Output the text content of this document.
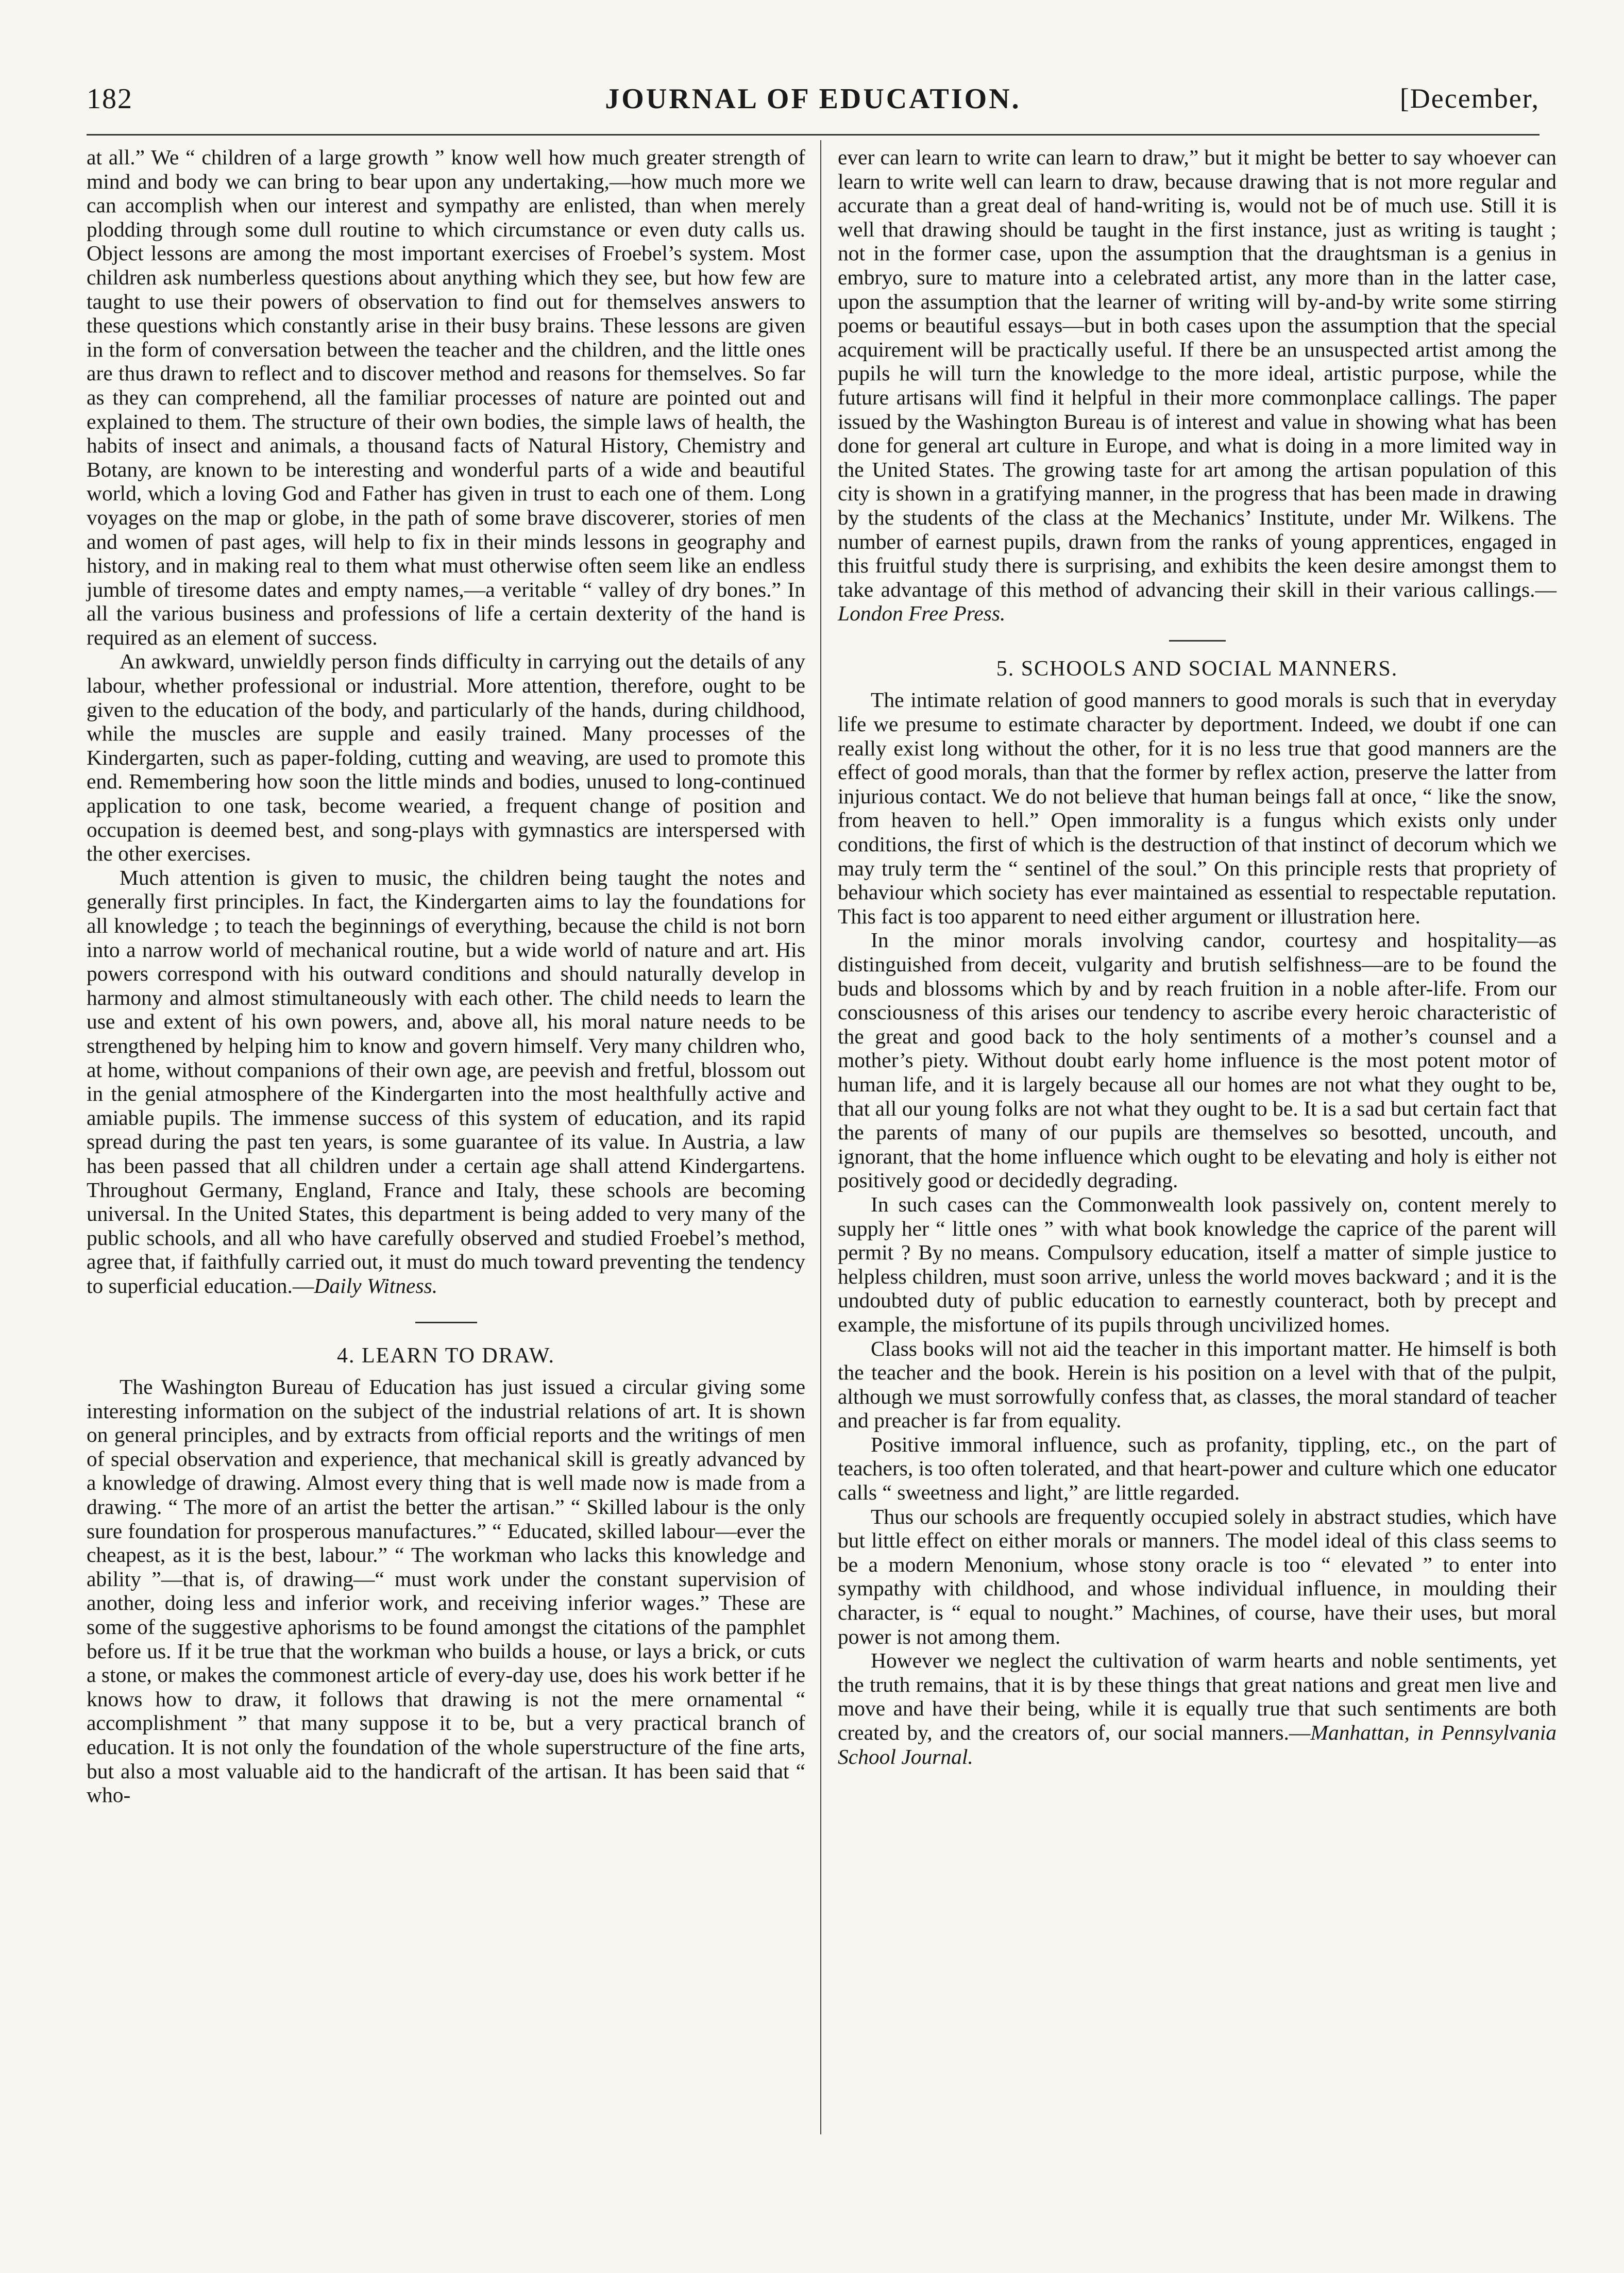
182	JOURNAL OF EDUCATION.	[December,

at all.” We “ children of a large growth ” know well how much greater strength of mind and body we can bring to bear upon any undertaking,—how much more we can accomplish when our interest and sympathy are enlisted, than when merely plodding through some dull routine to which circumstance or even duty calls us. Object lessons are among the most important exercises of Froebel’s system. Most children ask numberless questions about anything which they see, but how few are taught to use their powers of observation to find out for themselves answers to these questions which constantly arise in their busy brains. These lessons are given in the form of conversation between the teacher and the children, and the little ones are thus drawn to reflect and to discover method and reasons for themselves. So far as they can comprehend, all the familiar processes of nature are pointed out and explained to them. The structure of their own bodies, the simple laws of health, the habits of insect and animals, a thousand facts of Natural History, Chemistry and Botany, are known to be interesting and wonderful parts of a wide and beautiful world, which a loving God and Father has given in trust to each one of them. Long voyages on the map or globe, in the path of some brave discoverer, stories of men and women of past ages, will help to fix in their minds lessons in geography and history, and in making real to them what must otherwise often seem like an endless jumble of tiresome dates and empty names,—a veritable “ valley of dry bones.” In all the various business and professions of life a certain dexterity of the hand is required as an element of success.

An awkward, unwieldly person finds difficulty in carrying out the details of any labour, whether professional or industrial. More attention, therefore, ought to be given to the education of the body, and particularly of the hands, during childhood, while the muscles are supple and easily trained. Many processes of the Kindergarten, such as paper-folding, cutting and weaving, are used to promote this end. Remembering how soon the little minds and bodies, unused to long-continued application to one task, become wearied, a frequent change of position and occupation is deemed best, and song-plays with gymnastics are interspersed with the other exercises.

Much attention is given to music, the children being taught the notes and generally first principles. In fact, the Kindergarten aims to lay the foundations for all knowledge ; to teach the beginnings of everything, because the child is not born into a narrow world of mechanical routine, but a wide world of nature and art. His powers correspond with his outward conditions and should naturally develop in harmony and almost stimultaneously with each other. The child needs to learn the use and extent of his own powers, and, above all, his moral nature needs to be strengthened by helping him to know and govern himself. Very many children who, at home, without companions of their own age, are peevish and fretful, blossom out in the genial atmosphere of the Kindergarten into the most healthfully active and amiable pupils. The immense success of this system of education, and its rapid spread during the past ten years, is some guarantee of its value. In Austria, a law has been passed that all children under a certain age shall attend Kindergartens. Throughout Germany, England, France and Italy, these schools are becoming universal. In the United States, this department is being added to very many of the public schools, and all who have carefully observed and studied Froebel’s method, agree that, if faithfully carried out, it must do much toward preventing the tendency to superficial education.—Daily Witness.

4. LEARN TO DRAW.

The Washington Bureau of Education has just issued a circular giving some interesting information on the subject of the industrial relations of art. It is shown on general principles, and by extracts from official reports and the writings of men of special observation and experience, that mechanical skill is greatly advanced by a knowledge of drawing. Almost every thing that is well made now is made from a drawing. “ The more of an artist the better the artisan.” “ Skilled labour is the only sure foundation for prosperous manufactures.” “ Educated, skilled labour—ever the cheapest, as it is the best, labour.” “ The workman who lacks this knowledge and ability ”—that is, of drawing—“ must work under the constant supervision of another, doing less and inferior work, and receiving inferior wages.” These are some of the suggestive aphorisms to be found amongst the citations of the pamphlet before us. If it be true that the workman who builds a house, or lays a brick, or cuts a stone, or makes the commonest article of every-day use, does his work better if he knows how to draw, it follows that drawing is not the mere ornamental “ accomplishment ” that many suppose it to be, but a very practical branch of education. It is not only the foundation of the whole superstructure of the fine arts, but also a most valuable aid to the handicraft of the artisan. It has been said that “ who-

ever can learn to write can learn to draw,” but it might be better to say whoever can learn to write well can learn to draw, because drawing that is not more regular and accurate than a great deal of hand-writing is, would not be of much use. Still it is well that drawing should be taught in the first instance, just as writing is taught ; not in the former case, upon the assumption that the draughtsman is a genius in embryo, sure to mature into a celebrated artist, any more than in the latter case, upon the assumption that the learner of writing will by-and-by write some stirring poems or beautiful essays—but in both cases upon the assumption that the special acquirement will be practically useful. If there be an unsuspected artist among the pupils he will turn the knowledge to the more ideal, artistic purpose, while the future artisans will find it helpful in their more commonplace callings. The paper issued by the Washington Bureau is of interest and value in showing what has been done for general art culture in Europe, and what is doing in a more limited way in the United States. The growing taste for art among the artisan population of this city is shown in a gratifying manner, in the progress that has been made in drawing by the students of the class at the Mechanics’ Institute, under Mr. Wilkens. The number of earnest pupils, drawn from the ranks of young apprentices, engaged in this fruitful study there is surprising, and exhibits the keen desire amongst them to take advantage of this method of advancing their skill in their various callings.—London Free Press.

5. SCHOOLS AND SOCIAL MANNERS.

The intimate relation of good manners to good morals is such that in everyday life we presume to estimate character by deportment. Indeed, we doubt if one can really exist long without the other, for it is no less true that good manners are the effect of good morals, than that the former by reflex action, preserve the latter from injurious contact. We do not believe that human beings fall at once, “ like the snow, from heaven to hell.” Open immorality is a fungus which exists only under conditions, the first of which is the destruction of that instinct of decorum which we may truly term the “ sentinel of the soul.” On this principle rests that propriety of behaviour which society has ever maintained as essential to respectable reputation. This fact is too apparent to need either argument or illustration here.

In the minor morals involving candor, courtesy and hospitality—as distinguished from deceit, vulgarity and brutish selfishness—are to be found the buds and blossoms which by and by reach fruition in a noble after-life. From our consciousness of this arises our tendency to ascribe every heroic characteristic of the great and good back to the holy sentiments of a mother’s counsel and a mother’s piety. Without doubt early home influence is the most potent motor of human life, and it is largely because all our homes are not what they ought to be, that all our young folks are not what they ought to be. It is a sad but certain fact that the parents of many of our pupils are themselves so besotted, uncouth, and ignorant, that the home influence which ought to be elevating and holy is either not positively good or decidedly degrading.

In such cases can the Commonwealth look passively on, content merely to supply her “ little ones ” with what book knowledge the caprice of the parent will permit ? By no means. Compulsory education, itself a matter of simple justice to helpless children, must soon arrive, unless the world moves backward ; and it is the undoubted duty of public education to earnestly counteract, both by precept and example, the misfortune of its pupils through uncivilized homes.

Class books will not aid the teacher in this important matter. He himself is both the teacher and the book. Herein is his position on a level with that of the pulpit, although we must sorrowfully confess that, as classes, the moral standard of teacher and preacher is far from equality.

Positive immoral influence, such as profanity, tippling, etc., on the part of teachers, is too often tolerated, and that heart-power and culture which one educator calls “ sweetness and light,” are little regarded.

Thus our schools are frequently occupied solely in abstract studies, which have but little effect on either morals or manners. The model ideal of this class seems to be a modern Menonium, whose stony oracle is too “ elevated ” to enter into sympathy with childhood, and whose individual influence, in moulding their character, is “ equal to nought.” Machines, of course, have their uses, but moral power is not among them.

However we neglect the cultivation of warm hearts and noble sentiments, yet the truth remains, that it is by these things that great nations and great men live and move and have their being, while it is equally true that such sentiments are both created by, and the creators of, our social manners.—Manhattan, in Pennsylvania School Journal.
